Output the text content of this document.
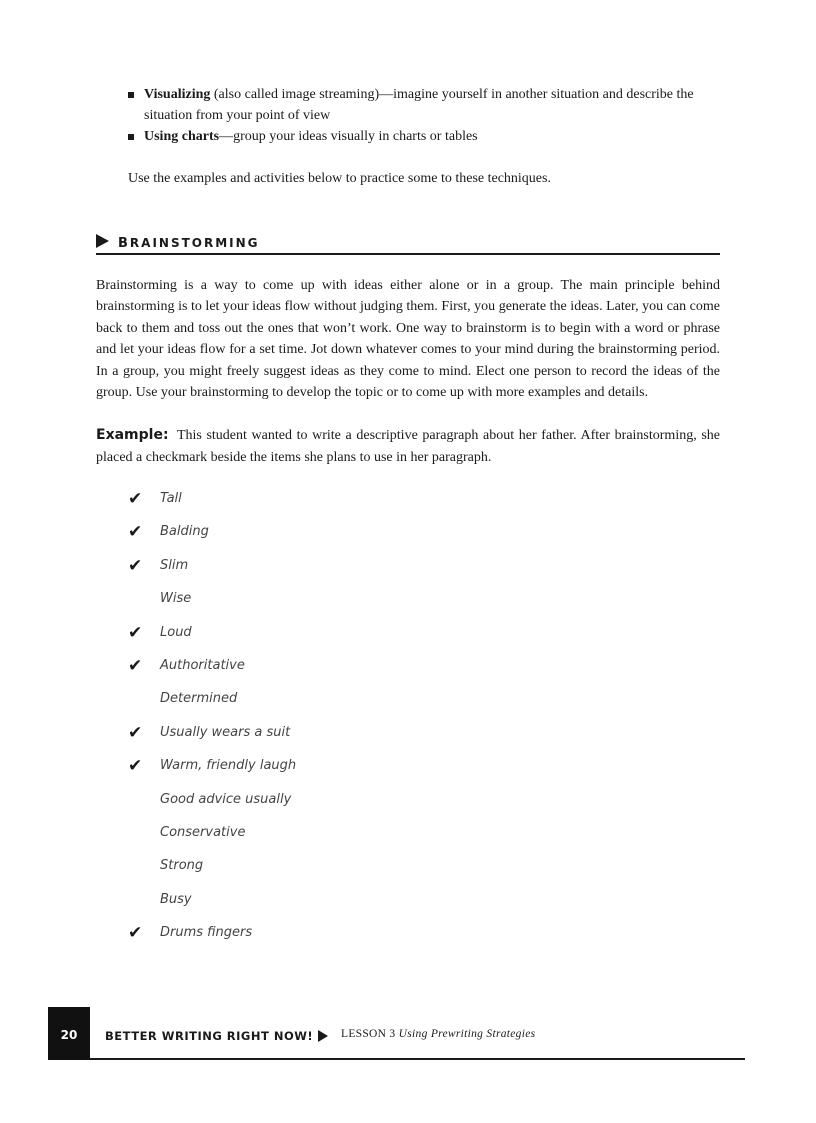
Visualizing (also called image streaming)—imagine yourself in another situation and describe the situation from your point of view
Using charts—group your ideas visually in charts or tables

Use the examples and activities below to practice some to these techniques.

brainstorming

Brainstorming is a way to come up with ideas either alone or in a group. The main principle behind brainstorming is to let your ideas flow without judging them. First, you generate the ideas. Later, you can come back to them and toss out the ones that won’t work. One way to brainstorm is to begin with a word or phrase and let your ideas flow for a set time. Jot down whatever comes to your mind during the brainstorming period. In a group, you might freely suggest ideas as they come to mind. Elect one person to record the ideas of the group. Use your brainstorming to develop the topic or to come up with more examples and details.

Example: This student wanted to write a descriptive paragraph about her father. After brainstorming, she placed a checkmark beside the items she plans to use in her paragraph.

✔ Tall
✔ Balding
✔ Slim
Wise
✔ Loud
✔ Authoritative
Determined
✔ Usually wears a suit
✔ Warm, friendly laugh
Good advice usually
Conservative
Strong
Busy
✔ Drums fingers
20	BETTER WRITING RIGHT NOW! LESSON 3 Using Prewriting Strategies
